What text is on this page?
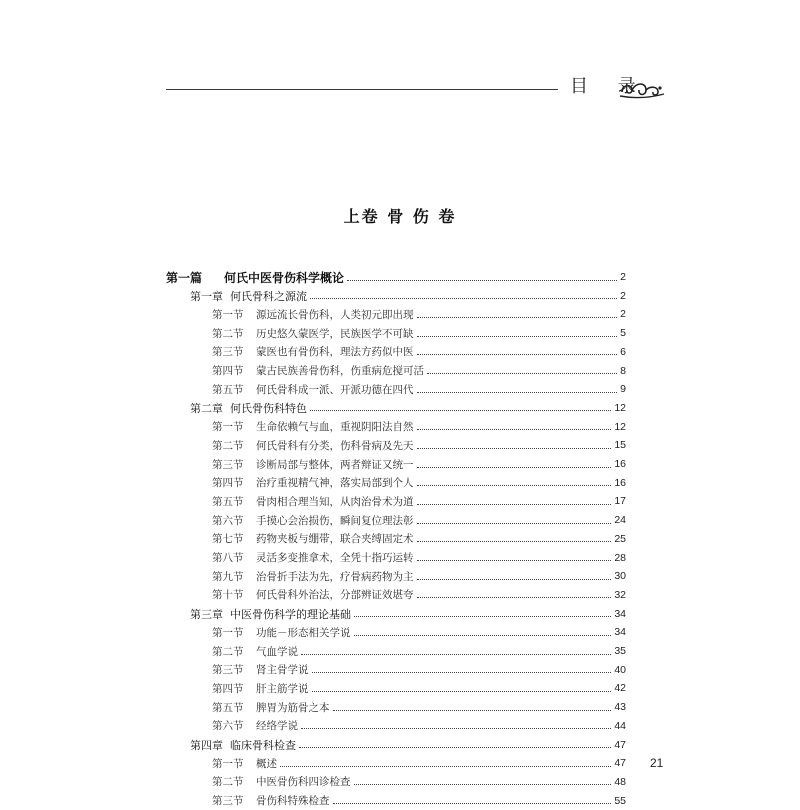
目 录
上卷 骨 伤 卷
第一篇	何氏中医骨伤科学概论	2
第一章 何氏骨科之源流	2
第一节	源远流长骨伤科，人类初元即出现	2
第二节	历史悠久蒙医学，民族医学不可缺	5
第三节	蒙医也有骨伤科，理法方药似中医	6
第四节	蒙古民族善骨伤科，伤重病危搅可活	8
第五节	何氏骨科成一派、开派功德在四代	9
第二章 何氏骨伤科特色	12
第一节	生命依赖气与血，重视阴阳法自然	12
第二节	何氏骨科有分类，伤科骨病及先天	15
第三节	诊断局部与整体，两者辩证又统一	16
第四节	治疗重视精气神，落实局部到个人	16
第五节	骨肉相合理当知，从肉治骨术为道	17
第六节	手摸心会治损伤，瞬间复位理法彰	24
第七节	药物夹板与绷带，联合夹缚固定术	25
第八节	灵活多变推拿术，全凭十指巧运转	28
第九节	治骨折手法为先，疗骨病药物为主	30
第十节	何氏骨科外治法，分部辨证效堪夸	32
第三章 中医骨伤科学的理论基础	34
第一节	功能－形态相关学说	34
第二节	气血学说	35
第三节	肾主骨学说	40
第四节	肝主筋学说	42
第五节	脾胃为筋骨之本	43
第六节	经络学说	44
第四章 临床骨科检查	47
第一节	概述	47
第二节	中医骨伤科四诊检查	48
第三节	骨伤科特殊检查	55
21
